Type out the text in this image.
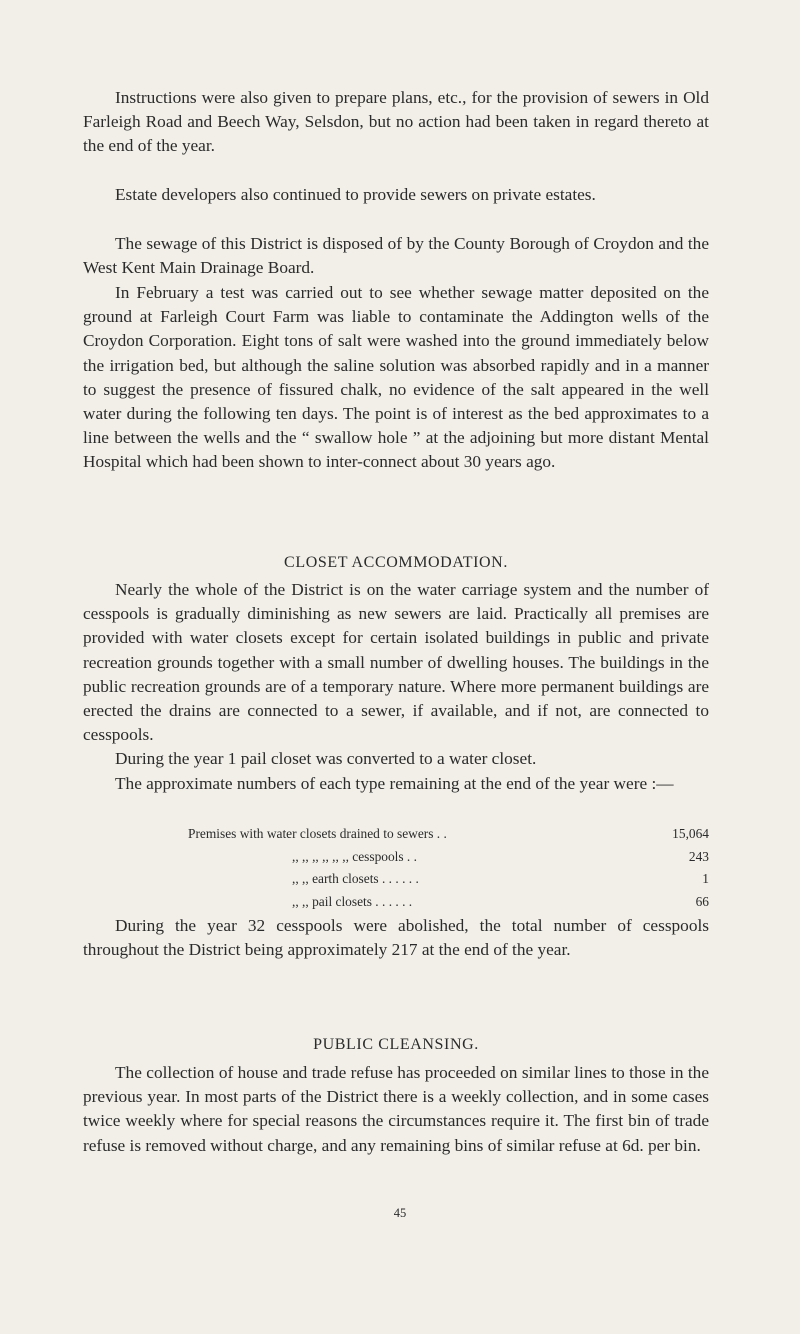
Instructions were also given to prepare plans, etc., for the provision of sewers in Old Farleigh Road and Beech Way, Selsdon, but no action had been taken in regard thereto at the end of the year.

Estate developers also continued to provide sewers on private estates.

The sewage of this District is disposed of by the County Borough of Croydon and the West Kent Main Drainage Board.

In February a test was carried out to see whether sewage matter deposited on the ground at Farleigh Court Farm was liable to contaminate the Addington wells of the Croydon Corporation. Eight tons of salt were washed into the ground immediately below the irrigation bed, but although the saline solution was absorbed rapidly and in a manner to suggest the presence of fissured chalk, no evidence of the salt appeared in the well water during the following ten days. The point is of interest as the bed approximates to a line between the wells and the “ swallow hole ” at the adjoining but more distant Mental Hospital which had been shown to inter-connect about 30 years ago.

CLOSET ACCOMMODATION.

Nearly the whole of the District is on the water carriage system and the number of cesspools is gradually diminishing as new sewers are laid. Practically all premises are provided with water closets except for certain isolated buildings in public and private recreation grounds together with a small number of dwelling houses. The buildings in the public recreation grounds are of a temporary nature. Where more permanent buildings are erected the drains are connected to a sewer, if available, and if not, are connected to cesspools.

During the year 1 pail closet was converted to a water closet.

The approximate numbers of each type remaining at the end of the year were :—

Premises with water closets drained to sewers . .	15,064
,, ,, ,, ,, ,, ,, cesspools . .	243
,, ,, earth closets . . . . . .	1
,, ,, pail closets . . . . . .	66

During the year 32 cesspools were abolished, the total number of cesspools throughout the District being approximately 217 at the end of the year.

PUBLIC CLEANSING.

The collection of house and trade refuse has proceeded on similar lines to those in the previous year. In most parts of the District there is a weekly collection, and in some cases twice weekly where for special reasons the circumstances require it. The first bin of trade refuse is removed without charge, and any remaining bins of similar refuse at 6d. per bin.

45
